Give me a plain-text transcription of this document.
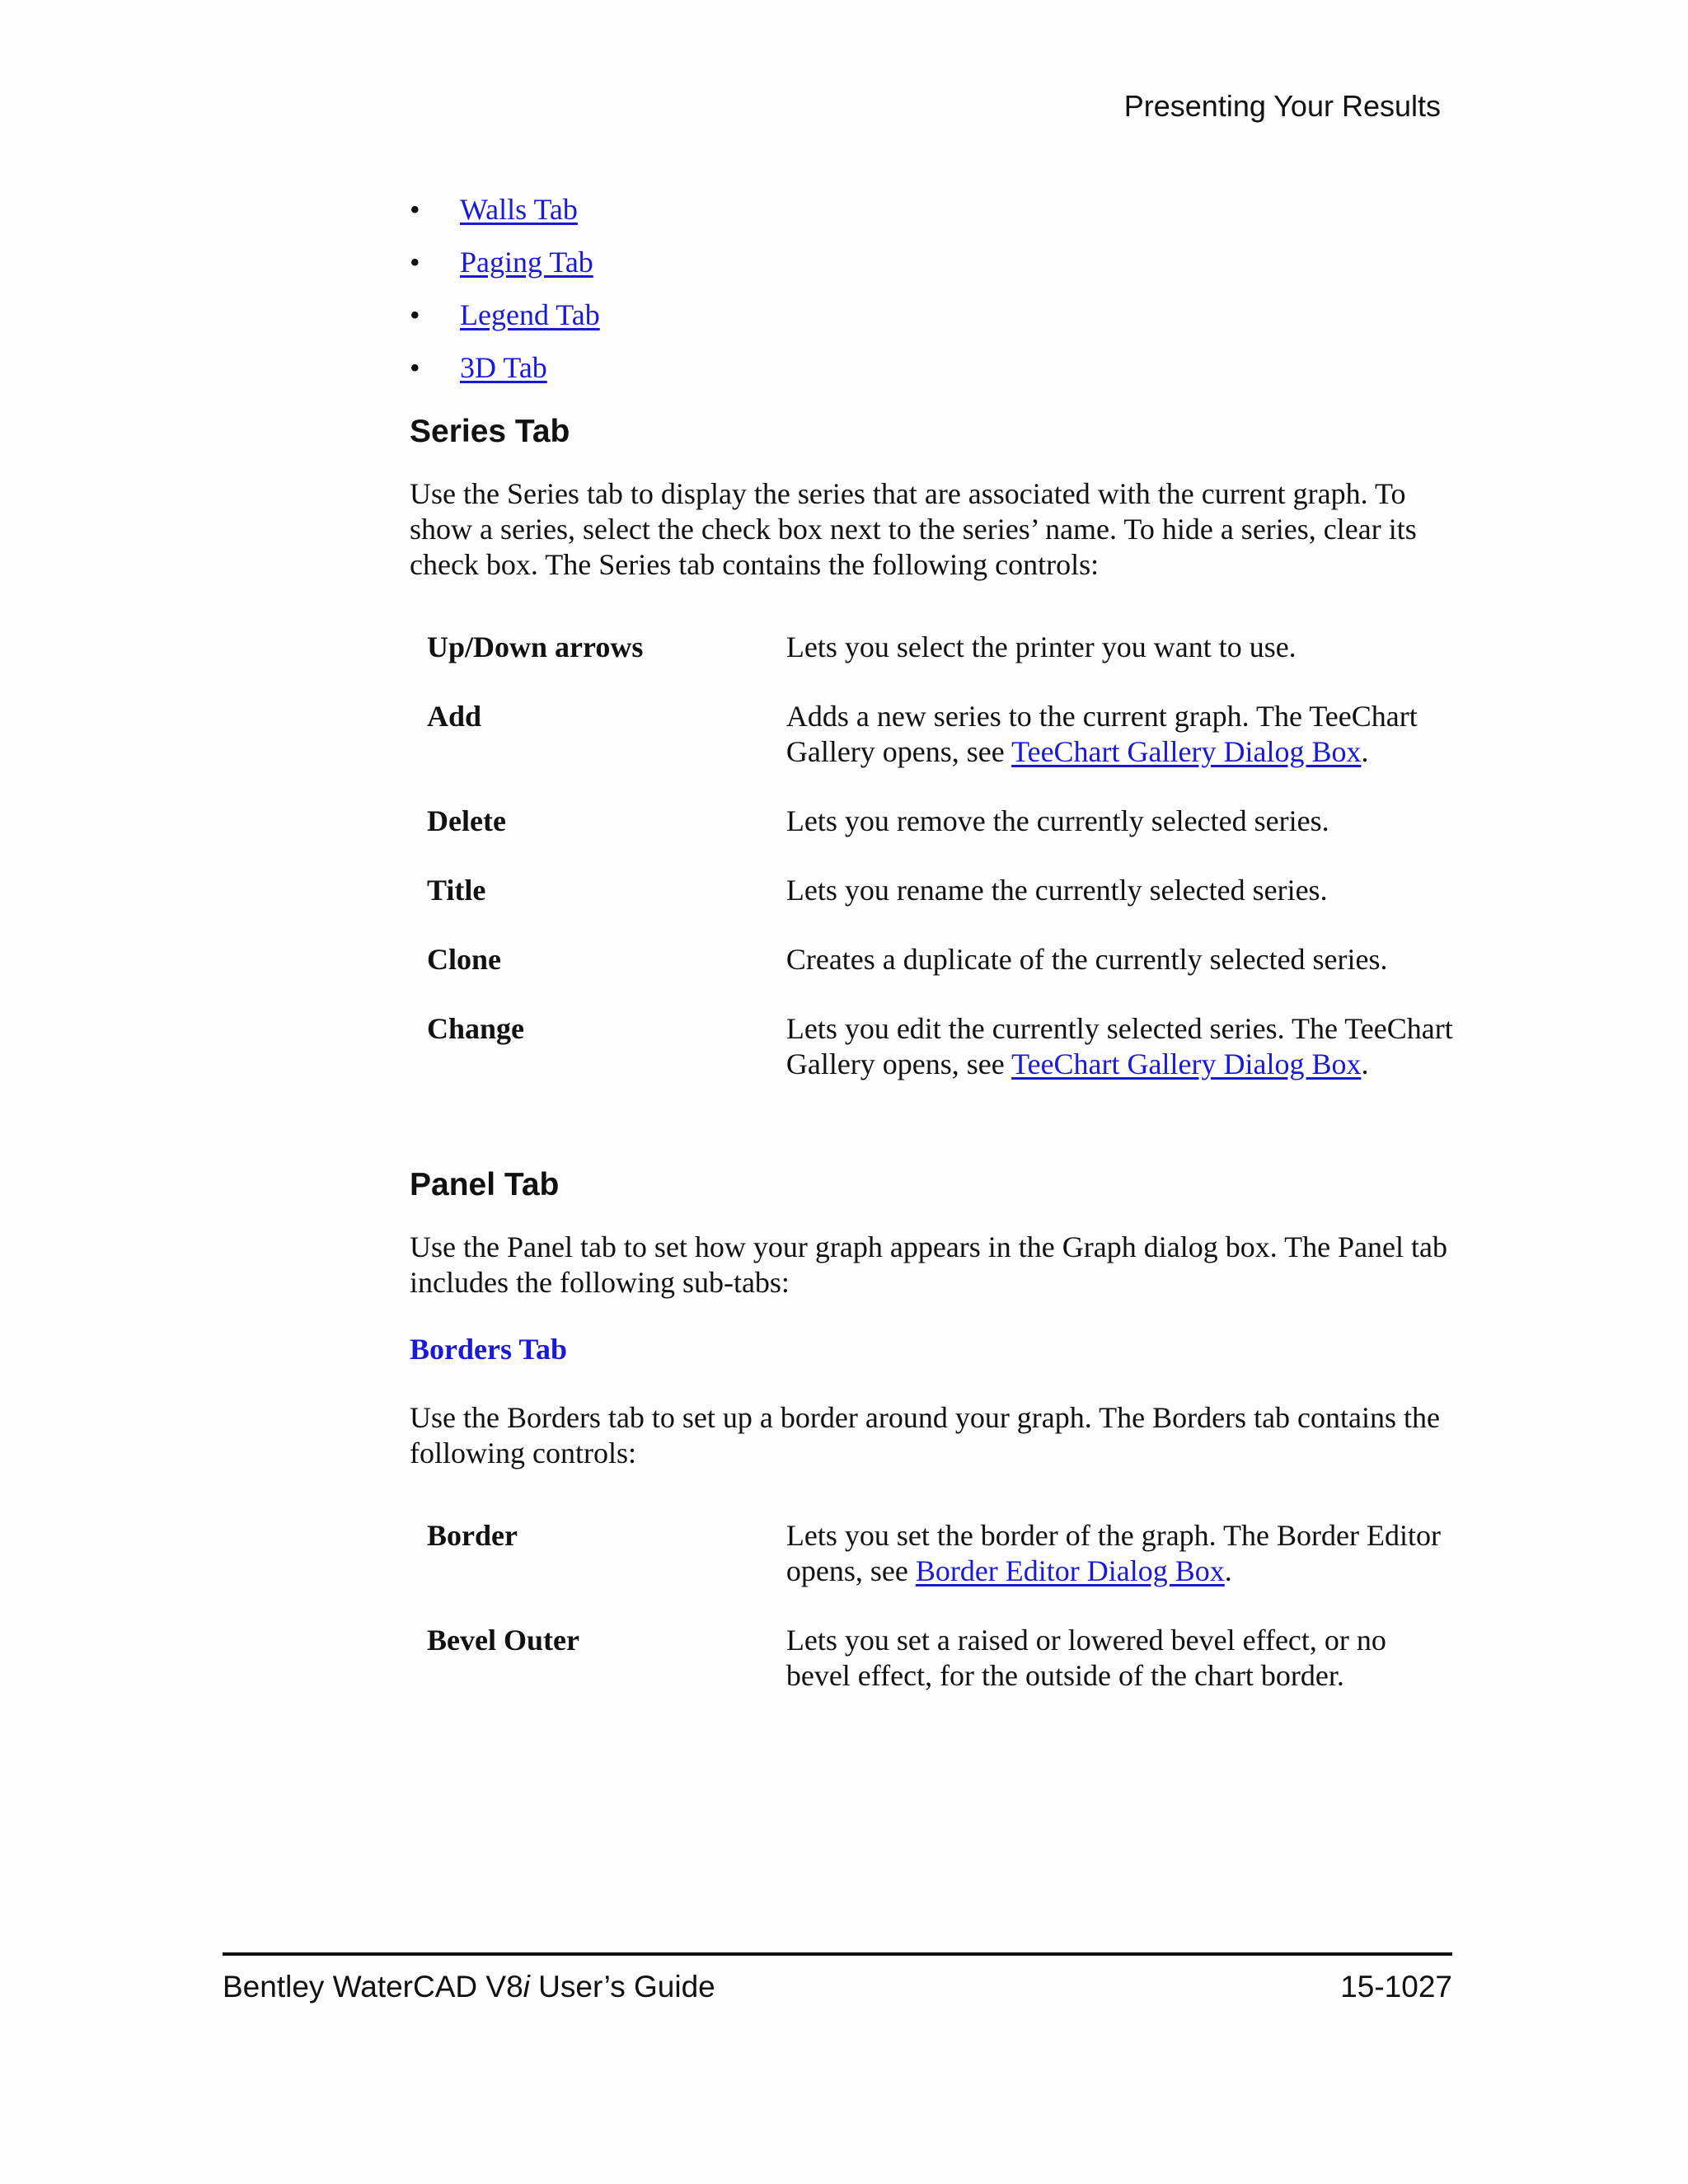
Presenting Your Results
• Walls Tab
• Paging Tab
• Legend Tab
• 3D Tab
Series Tab

Use the Series tab to display the series that are associated with the current graph. To show a series, select the check box next to the series’ name. To hide a series, clear its check box. The Series tab contains the following controls:

Up/Down arrows	Lets you select the printer you want to use.
Add	Adds a new series to the current graph. The TeeChart Gallery opens, see TeeChart Gallery Dialog Box.
Delete	Lets you remove the currently selected series.
Title	Lets you rename the currently selected series.
Clone	Creates a duplicate of the currently selected series.
Change	Lets you edit the currently selected series. The TeeChart Gallery opens, see TeeChart Gallery Dialog Box.
Panel Tab

Use the Panel tab to set how your graph appears in the Graph dialog box. The Panel tab includes the following sub-tabs:

Borders Tab

Use the Borders tab to set up a border around your graph. The Borders tab contains the following controls:

Border	Lets you set the border of the graph. The Border Editor opens, see Border Editor Dialog Box.
Bevel Outer	Lets you set a raised or lowered bevel effect, or no bevel effect, for the outside of the chart border.
Bentley WaterCAD V8i User’s Guide	15-1027
